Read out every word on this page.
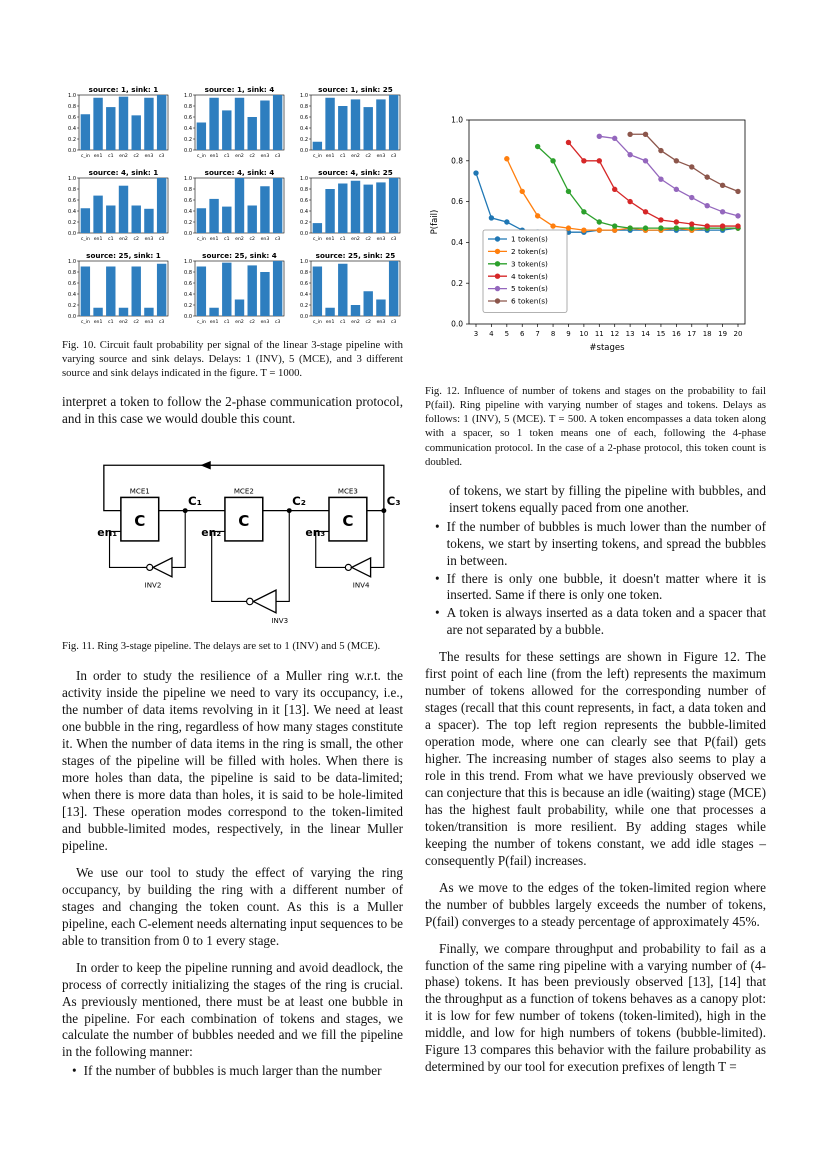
source: 1, sink: 1
0.0
0.2
0.4
0.6
0.8
1.0
c_in en1 c1 en2 c2 en3 c3
source: 1, sink: 4
0.0
0.2
0.4
0.6
0.8
1.0
c_in en1 c1 en2 c2 en3 c3
source: 1, sink: 25
0.0
0.2
0.4
0.6
0.8
1.0
c_in en1 c1 en2 c2 en3 c3
source: 4, sink: 1
0.0
0.2
0.4
0.6
0.8
1.0
c_in en1 c1 en2 c2 en3 c3
source: 4, sink: 4
0.0
0.2
0.4
0.6
0.8
1.0
c_in en1 c1 en2 c2 en3 c3
source: 4, sink: 25
0.0
0.2
0.4
0.6
0.8
1.0
c_in en1 c1 en2 c2 en3 c3
source: 25, sink: 1
0.0
0.2
0.4
0.6
0.8
1.0
c_in en1 c1 en2 c2 en3 c3
source: 25, sink: 4
0.0
0.2
0.4
0.6
0.8
1.0
c_in en1 c1 en2 c2 en3 c3
source: 25, sink: 25
0.0
0.2
0.4
0.6
0.8
1.0
c_in en1 c1 en2 c2 en3 c3
Fig. 10. Circuit fault probability per signal of the linear 3-stage pipeline with varying source and sink delays. Delays: 1 (INV), 5 (MCE), and 3 different source and sink delays indicated in the figure. T = 1000.

interpret a token to follow the 2-phase communication protocol, and in this case we would double this count.

MCE1	MCE2	MCE3
C	C	C
C₁	C₂	C₃
en₁	en₂	en₃
INV2
INV3
INV4
Fig. 11. Ring 3-stage pipeline. The delays are set to 1 (INV) and 5 (MCE).

In order to study the resilience of a Muller ring w.r.t. the activity inside the pipeline we need to vary its occupancy, i.e., the number of data items revolving in it [13]. We need at least one bubble in the ring, regardless of how many stages constitute it. When the number of data items in the ring is small, the other stages of the pipeline will be filled with holes. When there is more holes than data, the pipeline is said to be data-limited; when there is more data than holes, it is said to be hole-limited [13]. These operation modes correspond to the token-limited and bubble-limited modes, respectively, in the linear Muller pipeline.

We use our tool to study the effect of varying the ring occupancy, by building the ring with a different number of stages and changing the token count. As this is a Muller pipeline, each C-element needs alternating input sequences to be able to transition from 0 to 1 every stage.

In order to keep the pipeline running and avoid deadlock, the process of correctly initializing the stages of the ring is crucial. As previously mentioned, there must be at least one bubble in the pipeline. For each combination of tokens and stages, we calculate the number of bubbles needed and we fill the pipeline in the following manner:

• If the number of bubbles is much larger than the number
3 4 5 6 7 8 9 10 11 12 13 14 15 16 17 18 19 20
0.0
0.2
0.4
0.6
0.8
1.0
#stages
P(fail)
1 token(s)
2 token(s)
3 token(s)
4 token(s)
5 token(s)
6 token(s)
Fig. 12. Influence of number of tokens and stages on the probability to fail P(fail). Ring pipeline with varying number of stages and tokens. Delays as follows: 1 (INV), 5 (MCE). T = 500. A token encompasses a data token along with a spacer, so 1 token means one of each, following the 4-phase communication protocol. In the case of a 2-phase protocol, this token count is doubled.

of tokens, we start by filling the pipeline with bubbles, and insert tokens equally paced from one another.

• If the number of bubbles is much lower than the number of tokens, we start by inserting tokens, and spread the bubbles in between.
• If there is only one bubble, it doesn't matter where it is inserted. Same if there is only one token.
• A token is always inserted as a data token and a spacer that are not separated by a bubble.

The results for these settings are shown in Figure 12. The first point of each line (from the left) represents the maximum number of tokens allowed for the corresponding number of stages (recall that this count represents, in fact, a data token and a spacer). The top left region represents the bubble-limited operation mode, where one can clearly see that P(fail) gets higher. The increasing number of stages also seems to play a role in this trend. From what we have previously observed we can conjecture that this is because an idle (waiting) stage (MCE) has the highest fault probability, while one that processes a token/transition is more resilient. By adding stages while keeping the number of tokens constant, we add idle stages – consequently P(fail) increases.

As we move to the edges of the token-limited region where the number of bubbles largely exceeds the number of tokens, P(fail) converges to a steady percentage of approximately 45%.

Finally, we compare throughput and probability to fail as a function of the same ring pipeline with a varying number of (4-phase) tokens. It has been previously observed [13], [14] that the throughput as a function of tokens behaves as a canopy plot: it is low for few number of tokens (token-limited), high in the middle, and low for high numbers of tokens (bubble-limited). Figure 13 compares this behavior with the failure probability as determined by our tool for execution prefixes of length T =
